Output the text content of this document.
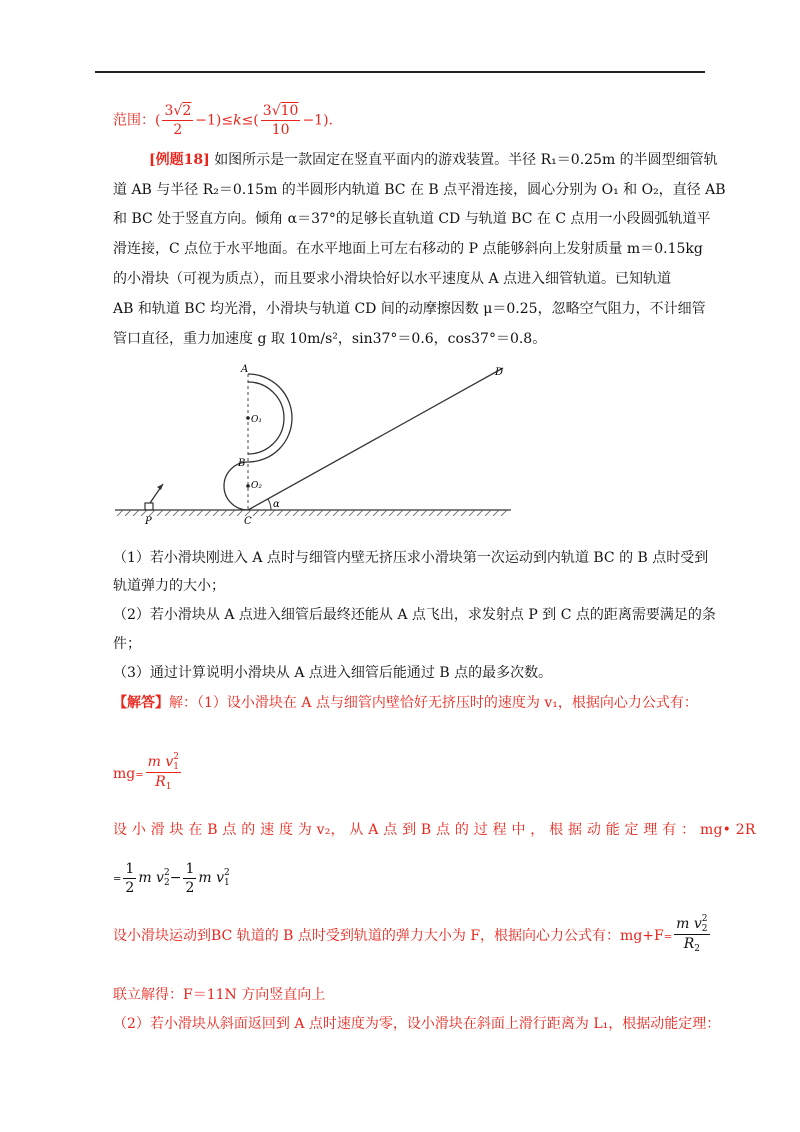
范围：( $\frac{3√2}{2} -1)\le k\le( \frac{3√10}{10} -1)$.
[例题18] 如图所示是一款固定在竖直平面内的游戏装置。半径 R₁＝0.25m 的半圆型细管轨
道 AB 与半径 R₂＝0.15m 的半圆形内轨道 BC 在 B 点平滑连接，圆心分别为 O₁ 和 O₂，直径 AB
和 BC 处于竖直方向。倾角 α＝37°的足够长直轨道 CD 与轨道 BC 在 C 点用一小段圆弧轨道平
滑连接，C 点位于水平地面。在水平地面上可左右移动的 P 点能够斜向上发射质量 m＝0.15kg
的小滑块（可视为质点），而且要求小滑块恰好以水平速度从 A 点进入细管轨道。已知轨道
AB 和轨道 BC 均光滑，小滑块与轨道 CD 间的动摩擦因数 μ＝0.25，忽略空气阻力，不计细管
管口直径，重力加速度 g 取 10m/s²，sin37°＝0.6，cos37°＝0.8。
A	D
O₁
B
O₂
α
P	C
（1）若小滑块刚进入 A 点时与细管内壁无挤压求小滑块第一次运动到内轨道 BC 的 B 点时受到
轨道弹力的大小；
（2）若小滑块从 A 点进入细管后最终还能从 A 点飞出，求发射点 P 到 C 点的距离需要满足的条
件；
（3）通过计算说明小滑块从 A 点进入细管后能通过 B 点的最多次数。
【解答】解：（1）设小滑块在 A 点与细管内壁恰好无挤压时的速度为 v₁，根据向心力公式有：
mg= m v 2
1
$R_1$
设 小 滑 块 在 B 点 的 速 度 为 v₂， 从 A 点 到 B 点 的 过 程 中 ， 根 据 动 能 定 理 有 ： mg• 2R
= $\frac{1}{2}$ m v 2
$2 - \frac{1}{2}$ m v 2
1
设小滑块运动到BC 轨道的 B 点时受到轨道的弹力大小为 F，根据向心力公式有：mg+F= m v 2
2
$R_2$
联立解得：F＝11N 方向竖直向上
（2）若小滑块从斜面返回到 A 点时速度为零，设小滑块在斜面上滑行距离为 L₁，根据动能定理：
